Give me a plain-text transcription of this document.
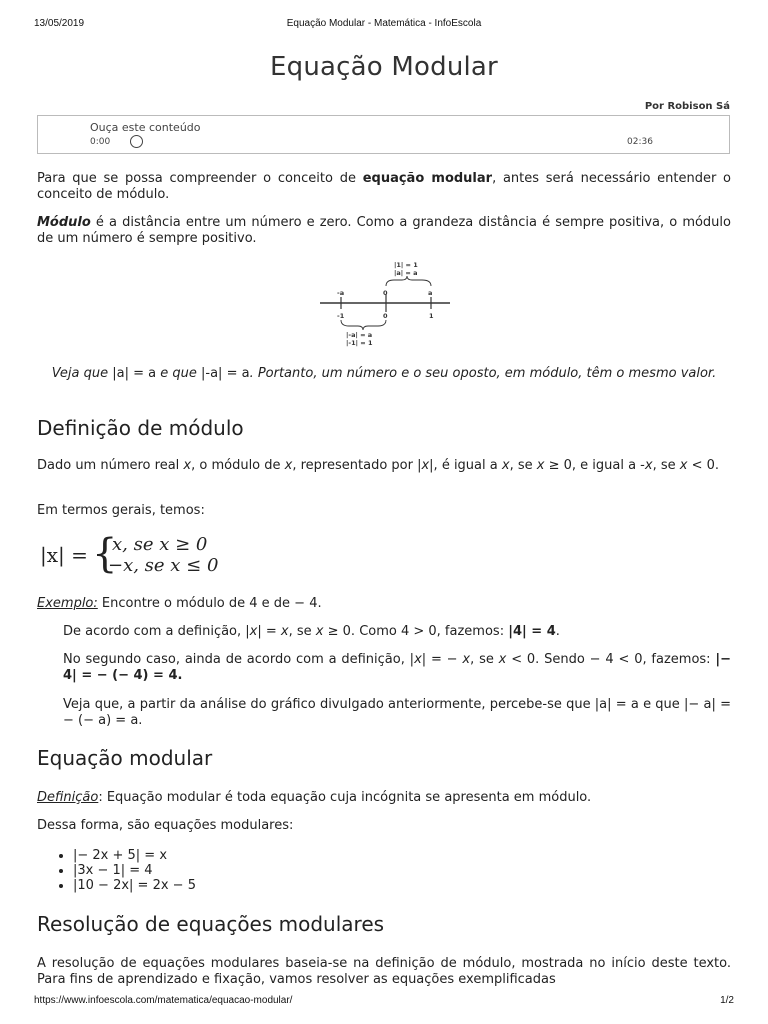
13/05/2019	Equação Modular - Matemática - InfoEscola
Equação Modular
Por Robison Sá
Ouça este conteúdo
0:00	02:36

Para que se possa compreender o conceito de equação modular, antes será necessário entender o conceito de módulo.

Módulo é a distância entre um número e zero. Como a grandeza distância é sempre positiva, o módulo de um número é sempre positivo.

|1| = 1
|a| = a
-a	0	a
-1	0	1
|-a| = a
|-1| = 1
Veja que |a| = a e que |-a| = a. Portanto, um número e o seu oposto, em módulo, têm o mesmo valor.
Definição de módulo

Dado um número real x, o módulo de x, representado por |x|, é igual a x, se x ≥ 0, e igual a -x, se x < 0.

Em termos gerais, temos:

|x| = {
x, se x ≥ 0
−x, se x ≤ 0

Exemplo: Encontre o módulo de 4 e de − 4.

De acordo com a definição, |x| = x, se x ≥ 0. Como 4 > 0, fazemos: |4| = 4.

No segundo caso, ainda de acordo com a definição, |x| = − x, se x < 0. Sendo − 4 < 0, fazemos: |− 4| = − (− 4) = 4.

Veja que, a partir da análise do gráfico divulgado anteriormente, percebe-se que |a| = a e que |− a| = − (− a) = a.

Equação modular

Definição: Equação modular é toda equação cuja incógnita se apresenta em módulo.

Dessa forma, são equações modulares:

• |− 2x + 5| = x
• |3x − 1| = 4
• |10 − 2x| = 2x − 5
Resolução de equações modulares

A resolução de equações modulares baseia-se na definição de módulo, mostrada no início deste texto. Para fins de aprendizado e fixação, vamos resolver as equações exemplificadas

https://www.infoescola.com/matematica/equacao-modular/	1/2
